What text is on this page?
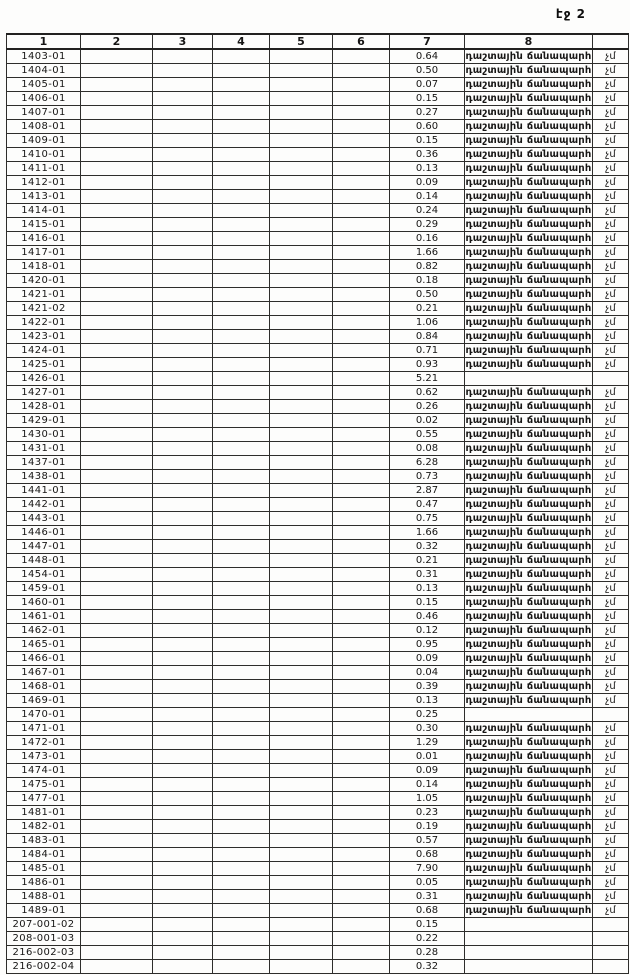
էջ 2
1	2	3	4	5	6	7	8	
1403-01						0.64	դաշտային ճանապարհ	չմ
1404-01						0.50	դաշտային ճանապարհ	չմ
1405-01						0.07	դաշտային ճանապարհ	չմ
1406-01						0.15	դաշտային ճանապարհ	չմ
1407-01						0.27	դաշտային ճանապարհ	չմ
1408-01						0.60	դաշտային ճանապարհ	չմ
1409-01						0.15	դաշտային ճանապարհ	չմ
1410-01						0.36	դաշտային ճանապարհ	չմ
1411-01						0.13	դաշտային ճանապարհ	չմ
1412-01						0.09	դաշտային ճանապարհ	չմ
1413-01						0.14	դաշտային ճանապարհ	չմ
1414-01						0.24	դաշտային ճանապարհ	չմ
1415-01						0.29	դաշտային ճանապարհ	չմ
1416-01						0.16	դաշտային ճանապարհ	չմ
1417-01						1.66	դաշտային ճանապարհ	չմ
1418-01						0.82	դաշտային ճանապարհ	չմ
1420-01						0.18	դաշտային ճանապարհ	չմ
1421-01						0.50	դաշտային ճանապարհ	չմ
1421-02						0.21	դաշտային ճանապարհ	չմ
1422-01						1.06	դաշտային ճանապարհ	չմ
1423-01						0.84	դաշտային ճանապարհ	չմ
1424-01						0.71	դաշտային ճանապարհ	չմ
1425-01						0.93	դաշտային ճանապարհ	չմ
1426-01						5.21		
1427-01						0.62	դաշտային ճանապարհ	չմ
1428-01						0.26	դաշտային ճանապարհ	չմ
1429-01						0.02	դաշտային ճանապարհ	չմ
1430-01						0.55	դաշտային ճանապարհ	չմ
1431-01						0.08	դաշտային ճանապարհ	չմ
1437-01						6.28	դաշտային ճանապարհ	չմ
1438-01						0.73	դաշտային ճանապարհ	չմ
1441-01						2.87	դաշտային ճանապարհ	չմ
1442-01						0.47	դաշտային ճանապարհ	չմ
1443-01						0.75	դաշտային ճանապարհ	չմ
1446-01						1.66	դաշտային ճանապարհ	չմ
1447-01						0.32	դաշտային ճանապարհ	չմ
1448-01						0.21	դաշտային ճանապարհ	չմ
1454-01						0.31	դաշտային ճանապարհ	չմ
1459-01						0.13	դաշտային ճանապարհ	չմ
1460-01						0.15	դաշտային ճանապարհ	չմ
1461-01						0.46	դաշտային ճանապարհ	չմ
1462-01						0.12	դաշտային ճանապարհ	չմ
1465-01						0.95	դաշտային ճանապարհ	չմ
1466-01						0.09	դաշտային ճանապարհ	չմ
1467-01						0.04	դաշտային ճանապարհ	չմ
1468-01						0.39	դաշտային ճանապարհ	չմ
1469-01						0.13	դաշտային ճանապարհ	չմ
1470-01						0.25		
1471-01						0.30	դաշտային ճանապարհ	չմ
1472-01						1.29	դաշտային ճանապարհ	չմ
1473-01						0.01	դաշտային ճանապարհ	չմ
1474-01						0.09	դաշտային ճանապարհ	չմ
1475-01						0.14	դաշտային ճանապարհ	չմ
1477-01						1.05	դաշտային ճանապարհ	չմ
1481-01						0.23	դաշտային ճանապարհ	չմ
1482-01						0.19	դաշտային ճանապարհ	չմ
1483-01						0.57	դաշտային ճանապարհ	չմ
1484-01						0.68	դաշտային ճանապարհ	չմ
1485-01						7.90	դաշտային ճանապարհ	չմ
1486-01						0.05	դաշտային ճանապարհ	չմ
1488-01						0.31	դաշտային ճանապարհ	չմ
1489-01						0.68	դաշտային ճանապարհ	չմ
207-001-02						0.15		
208-001-03						0.22		
216-002-03						0.28		
216-002-04						0.32		
